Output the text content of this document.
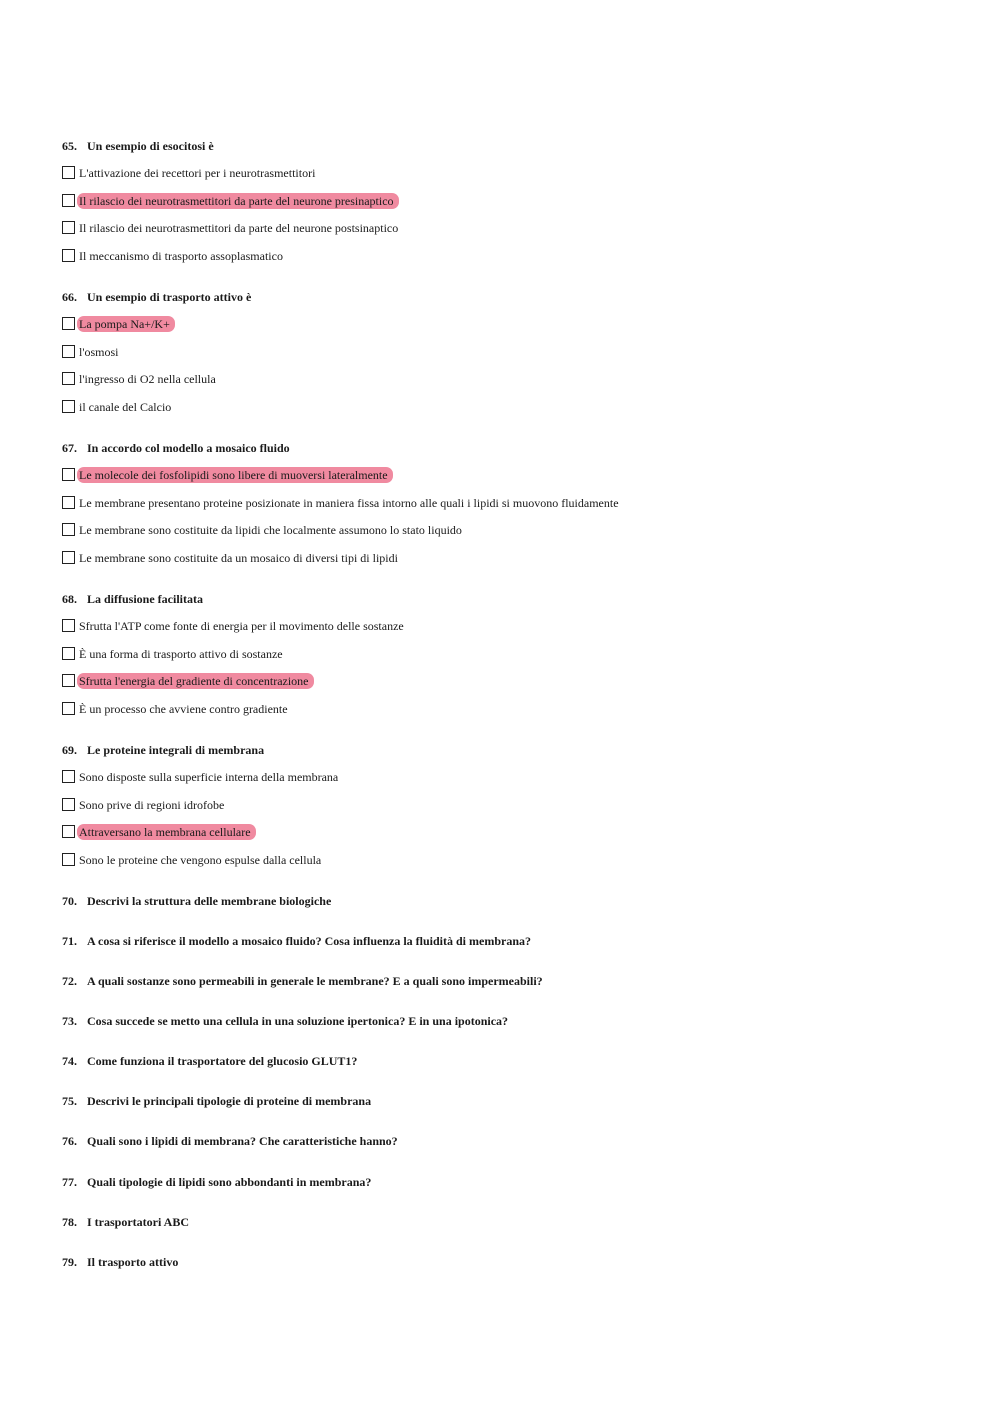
65. Un esempio di esocitosi è
L'attivazione dei recettori per i neurotrasmettitori
Il rilascio dei neurotrasmettitori da parte del neurone presinaptico
Il rilascio dei neurotrasmettitori da parte del neurone postsinaptico
Il meccanismo di trasporto assoplasmatico
66. Un esempio di trasporto attivo è
La pompa Na+/K+
l'osmosi
l'ingresso di O2 nella cellula
il canale del Calcio
67. In accordo col modello a mosaico fluido
Le molecole dei fosfolipidi sono libere di muoversi lateralmente
Le membrane presentano proteine posizionate in maniera fissa intorno alle quali i lipidi si muovono fluidamente
Le membrane sono costituite da lipidi che localmente assumono lo stato liquido
Le membrane sono costituite da un mosaico di diversi tipi di lipidi
68. La diffusione facilitata
Sfrutta l'ATP come fonte di energia per il movimento delle sostanze
È una forma di trasporto attivo di sostanze
Sfrutta l'energia del gradiente di concentrazione
È un processo che avviene contro gradiente
69. Le proteine integrali di membrana
Sono disposte sulla superficie interna della membrana
Sono prive di regioni idrofobe
Attraversano la membrana cellulare
Sono le proteine che vengono espulse dalla cellula
70. Descrivi la struttura delle membrane biologiche
71. A cosa si riferisce il modello a mosaico fluido? Cosa influenza la fluidità di membrana?
72. A quali sostanze sono permeabili in generale le membrane? E a quali sono impermeabili?
73. Cosa succede se metto una cellula in una soluzione ipertonica? E in una ipotonica?
74. Come funziona il trasportatore del glucosio GLUT1?
75. Descrivi le principali tipologie di proteine di membrana
76. Quali sono i lipidi di membrana? Che caratteristiche hanno?
77. Quali tipologie di lipidi sono abbondanti in membrana?
78. I trasportatori ABC
79. Il trasporto attivo
